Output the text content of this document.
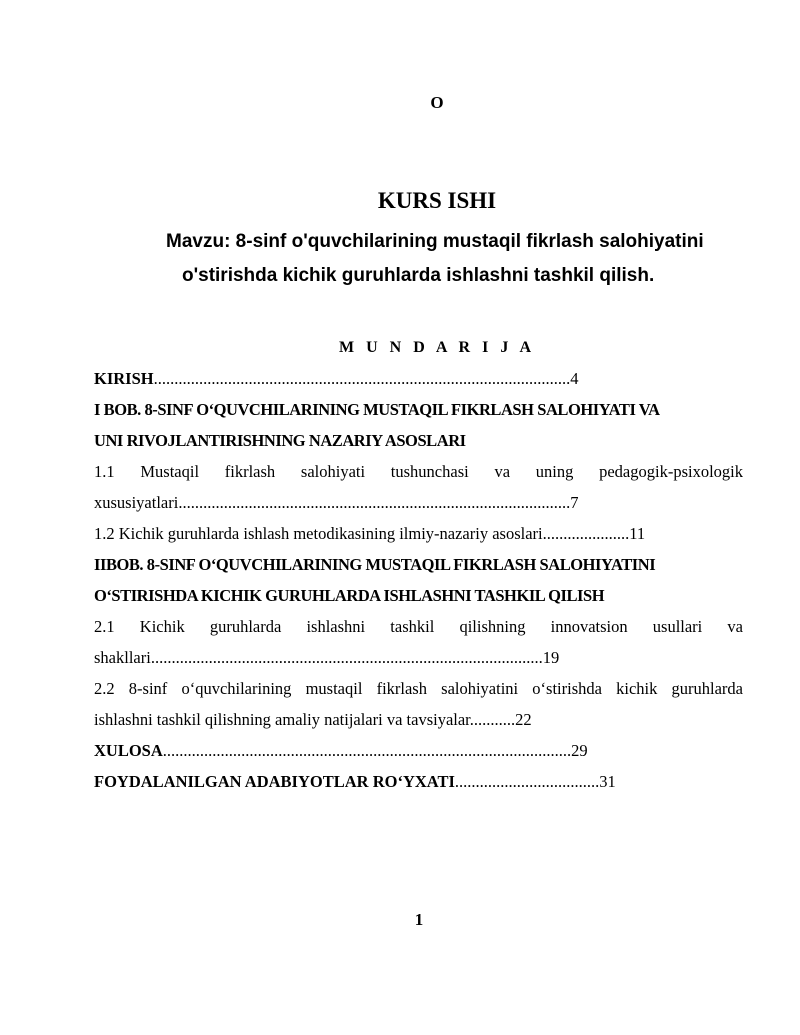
O
KURS ISHI
Mavzu: 8-sinf o'quvchilarining mustaqil fikrlash salohiyatini
o'stirishda kichik guruhlarda ishlashni tashkil qilish.
M U N D A R I J A
KIRISH.....................................................................................................4
I BOB. 8-SINF O‘QUVCHILARINING MUSTAQIL FIKRLASH SALOHIYATI VA
UNI RIVOJLANTIRISHNING NAZARIY ASOSLARI
1.1 Mustaqil fikrlash salohiyati tushunchasi va uning pedagogik-psixologik
xususiyatlari...............................................................................................7
1.2 Kichik guruhlarda ishlash metodikasining ilmiy-nazariy asoslari.....................11
IIBOB. 8-SINF O‘QUVCHILARINING MUSTAQIL FIKRLASH SALOHIYATINI
O‘STIRISHDA KICHIK GURUHLARDA ISHLASHNI TASHKIL QILISH
2.1 Kichik guruhlarda ishlashni tashkil qilishning innovatsion usullari va
shakllari...............................................................................................19
2.2 8-sinf o‘quvchilarining mustaqil fikrlash salohiyatini o‘stirishda kichik guruhlarda
ishlashni tashkil qilishning amaliy natijalari va tavsiyalar...........22
XULOSA...................................................................................................29
FOYDALANILGAN ADABIYOTLAR RO‘YXATI...................................31
1
